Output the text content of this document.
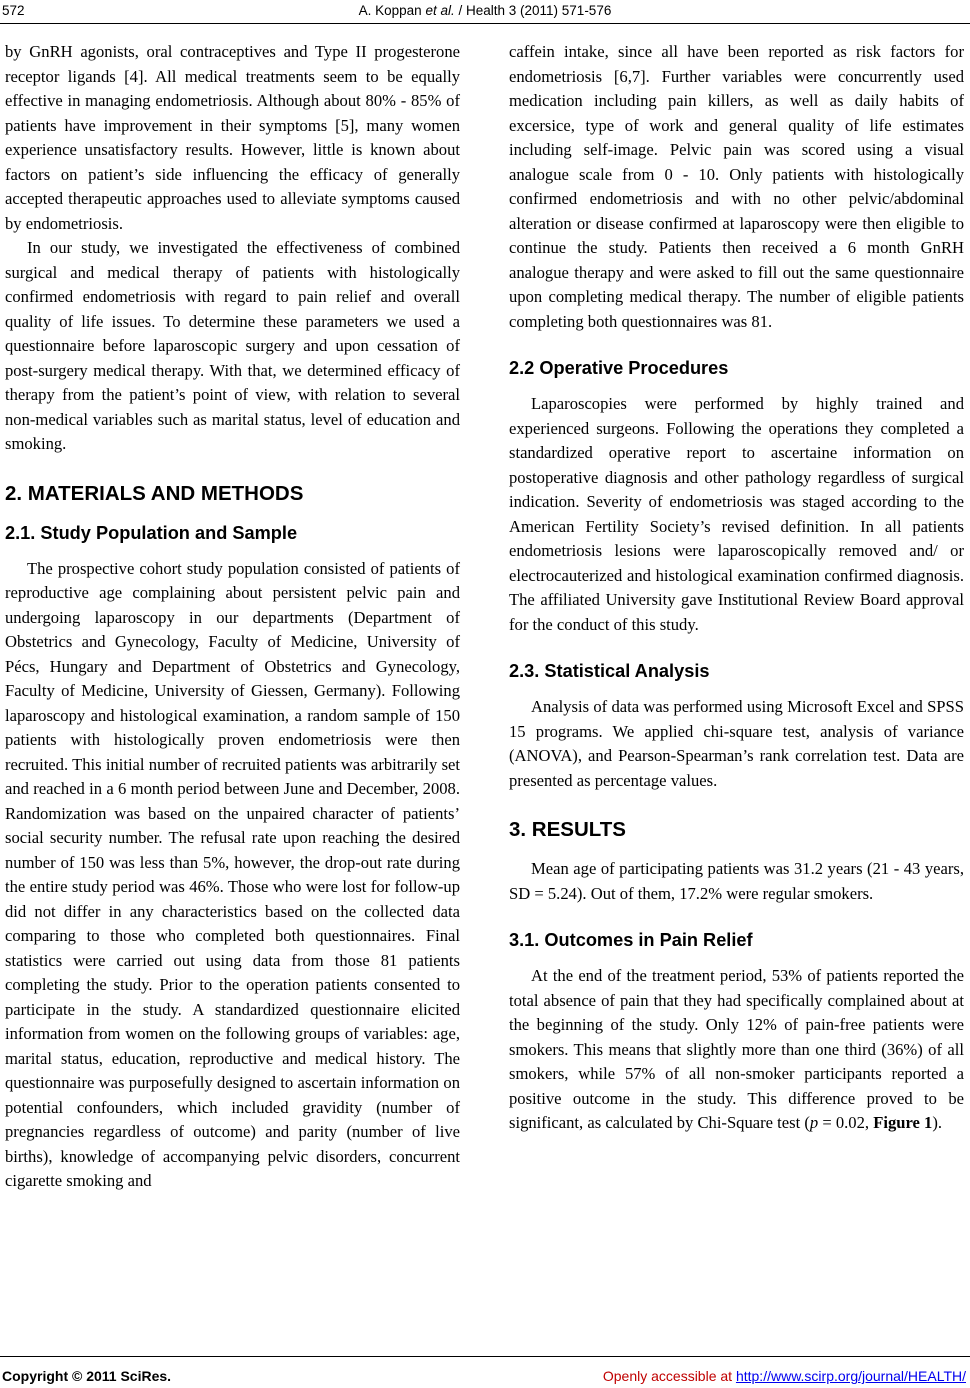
572	A. Koppan et al. / Health 3 (2011) 571-576

by GnRH agonists, oral contraceptives and Type II progesterone receptor ligands [4]. All medical treatments seem to be equally effective in managing endometriosis. Although about 80% - 85% of patients have improvement in their symptoms [5], many women experience unsatisfactory results. However, little is known about factors on patient’s side influencing the efficacy of generally accepted therapeutic approaches used to alleviate symptoms caused by endometriosis.

In our study, we investigated the effectiveness of combined surgical and medical therapy of patients with histologically confirmed endometriosis with regard to pain relief and overall quality of life issues. To determine these parameters we used a questionnaire before laparoscopic surgery and upon cessation of post-surgery medical therapy. With that, we determined efficacy of therapy from the patient’s point of view, with relation to several non-medical variables such as marital status, level of education and smoking.

2. MATERIALS AND METHODS
2.1. Study Population and Sample

The prospective cohort study population consisted of patients of reproductive age complaining about persistent pelvic pain and undergoing laparoscopy in our departments (Department of Obstetrics and Gynecology, Faculty of Medicine, University of Pécs, Hungary and Department of Obstetrics and Gynecology, Faculty of Medicine, University of Giessen, Germany). Following laparoscopy and histological examination, a random sample of 150 patients with histologically proven endometriosis were then recruited. This initial number of recruited patients was arbitrarily set and reached in a 6 month period between June and December, 2008. Randomization was based on the unpaired character of patients’ social security number. The refusal rate upon reaching the desired number of 150 was less than 5%, however, the drop-out rate during the entire study period was 46%. Those who were lost for follow-up did not differ in any characteristics based on the collected data comparing to those who completed both questionnaires. Final statistics were carried out using data from those 81 patients completing the study. Prior to the operation patients consented to participate in the study. A standardized questionnaire elicited information from women on the following groups of variables: age, marital status, education, reproductive and medical history. The questionnaire was purposefully designed to ascertain information on potential confounders, which included gravidity (number of pregnancies regardless of outcome) and parity (number of live births), knowledge of accompanying pelvic disorders, concurrent cigarette smoking and

caffein intake, since all have been reported as risk factors for endometriosis [6,7]. Further variables were concurrently used medication including pain killers, as well as daily habits of excersice, type of work and general quality of life estimates including self-image. Pelvic pain was scored using a visual analogue scale from 0 - 10. Only patients with histologically confirmed endometriosis and with no other pelvic/abdominal alteration or disease confirmed at laparoscopy were then eligible to continue the study. Patients then received a 6 month GnRH analogue therapy and were asked to fill out the same questionnaire upon completing medical therapy. The number of eligible patients completing both questionnaires was 81.

2.2 Operative Procedures

Laparoscopies were performed by highly trained and experienced surgeons. Following the operations they completed a standardized operative report to ascertaine information on postoperative diagnosis and other pathology regardless of surgical indication. Severity of endometriosis was staged according to the American Fertility Society’s revised definition. In all patients endometriosis lesions were laparoscopically removed and/ or electrocauterized and histological examination confirmed diagnosis. The affiliated University gave Institutional Review Board approval for the conduct of this study.

2.3. Statistical Analysis

Analysis of data was performed using Microsoft Excel and SPSS 15 programs. We applied chi-square test, analysis of variance (ANOVA), and Pearson-Spearman’s rank correlation test. Data are presented as percentage values.

3. RESULTS

Mean age of participating patients was 31.2 years (21 - 43 years, SD = 5.24). Out of them, 17.2% were regular smokers.

3.1. Outcomes in Pain Relief

At the end of the treatment period, 53% of patients reported the total absence of pain that they had specifically complained about at the beginning of the study. Only 12% of pain-free patients were smokers. This means that slightly more than one third (36%) of all smokers, while 57% of all non-smoker participants reported a positive outcome in the study. This difference proved to be significant, as calculated by Chi-Square test (p = 0.02, Figure 1).

Copyright © 2011 SciRes.	Openly accessible at http://www.scirp.org/journal/HEALTH/
